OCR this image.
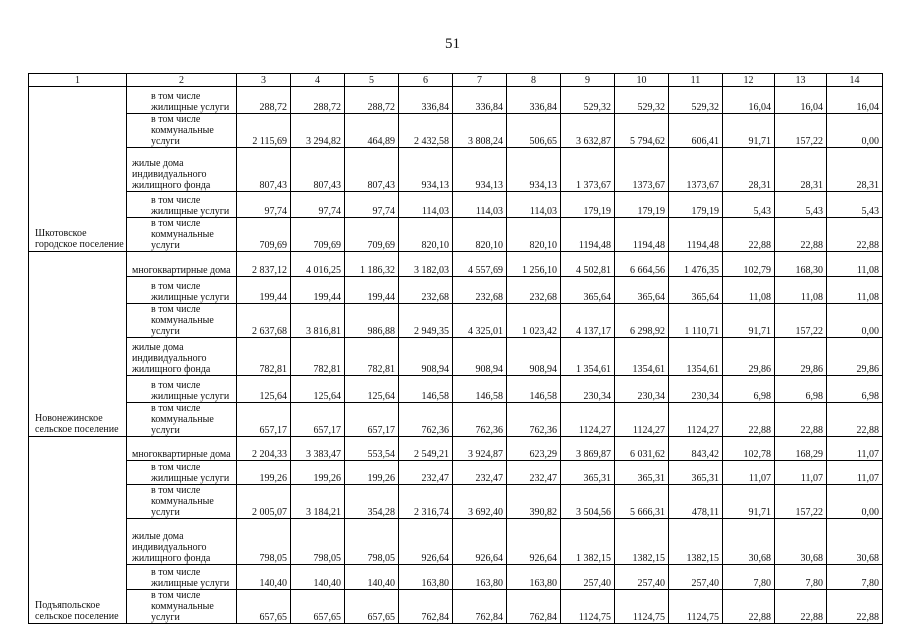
51
1	2	3	4	5	6	7	8	9	10	11	12	13	14
Шкотовское городское поселение	в том числе жилищные услуги	288,72	288,72	288,72	336,84	336,84	336,84	529,32	529,32	529,32	16,04	16,04	16,04
	в том числе коммунальные услуги	2 115,69	3 294,82	464,89	2 432,58	3 808,24	506,65	3 632,87	5 794,62	606,41	91,71	157,22	0,00
	жилые дома индивидуального жилищного фонда	807,43	807,43	807,43	934,13	934,13	934,13	1 373,67	1373,67	1373,67	28,31	28,31	28,31
	в том числе жилищные услуги	97,74	97,74	97,74	114,03	114,03	114,03	179,19	179,19	179,19	5,43	5,43	5,43
	в том числе коммунальные услуги	709,69	709,69	709,69	820,10	820,10	820,10	1194,48	1194,48	1194,48	22,88	22,88	22,88
Новонежинское сельское поселение	многоквартирные дома	2 837,12	4 016,25	1 186,32	3 182,03	4 557,69	1 256,10	4 502,81	6 664,56	1 476,35	102,79	168,30	11,08
	в том числе жилищные услуги	199,44	199,44	199,44	232,68	232,68	232,68	365,64	365,64	365,64	11,08	11,08	11,08
	в том числе коммунальные услуги	2 637,68	3 816,81	986,88	2 949,35	4 325,01	1 023,42	4 137,17	6 298,92	1 110,71	91,71	157,22	0,00
	жилые дома индивидуального жилищного фонда	782,81	782,81	782,81	908,94	908,94	908,94	1 354,61	1354,61	1354,61	29,86	29,86	29,86
	в том числе жилищные услуги	125,64	125,64	125,64	146,58	146,58	146,58	230,34	230,34	230,34	6,98	6,98	6,98
	в том числе коммунальные услуги	657,17	657,17	657,17	762,36	762,36	762,36	1124,27	1124,27	1124,27	22,88	22,88	22,88
Подъяпольское сельское поселение	многоквартирные дома	2 204,33	3 383,47	553,54	2 549,21	3 924,87	623,29	3 869,87	6 031,62	843,42	102,78	168,29	11,07
	в том числе жилищные услуги	199,26	199,26	199,26	232,47	232,47	232,47	365,31	365,31	365,31	11,07	11,07	11,07
	в том числе коммунальные услуги	2 005,07	3 184,21	354,28	2 316,74	3 692,40	390,82	3 504,56	5 666,31	478,11	91,71	157,22	0,00
	жилые дома индивидуального жилищного фонда	798,05	798,05	798,05	926,64	926,64	926,64	1 382,15	1382,15	1382,15	30,68	30,68	30,68
	в том числе жилищные услуги	140,40	140,40	140,40	163,80	163,80	163,80	257,40	257,40	257,40	7,80	7,80	7,80
	в том числе коммунальные услуги	657,65	657,65	657,65	762,84	762,84	762,84	1124,75	1124,75	1124,75	22,88	22,88	22,88
